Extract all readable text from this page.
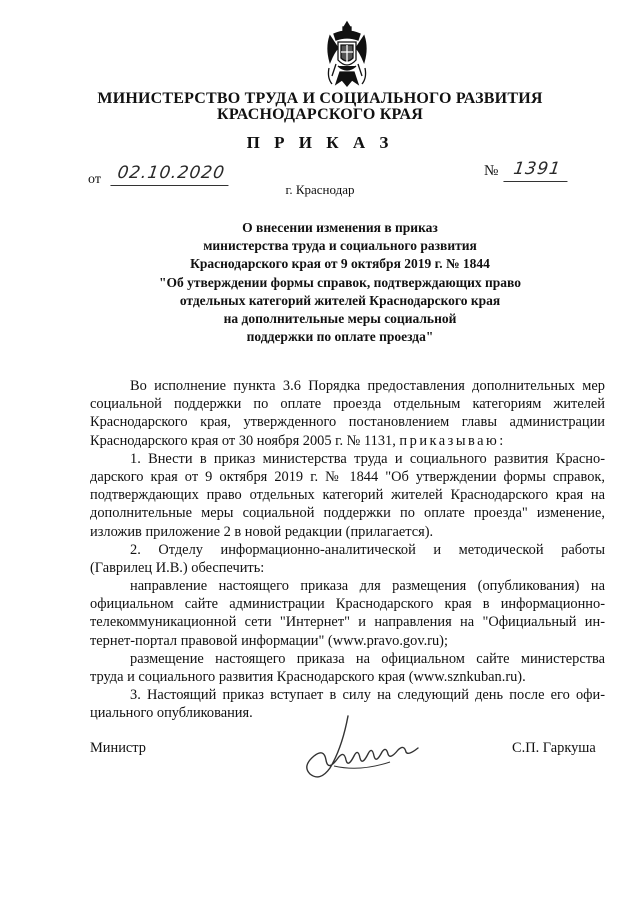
МИНИСТЕРСТВО ТРУДА И СОЦИАЛЬНОГО РАЗВИТИЯ
КРАСНОДАРСКОГО КРАЯ
П Р И К А З
от 02.10.2020	№ 1391
г. Краснодар
О внесении изменения в приказ
министерства труда и социального развития
Краснодарского края от 9 октября 2019 г. № 1844
"Об утверждении формы справок, подтверждающих право
отдельных категорий жителей Краснодарского края
на дополнительные меры социальной
поддержки по оплате проезда"
Во исполнение пункта 3.6 Порядка предоставления дополнительных мер
социальной поддержки по оплате проезда отдельным категориям жителей
Краснодарского края, утвержденного постановлением главы администрации
Краснодарского края от 30 ноября 2005 г. № 1131, приказываю:
1. Внести в приказ министерства труда и социального развития Красно-
дарского края от 9 октября 2019 г. № 1844 "Об утверждении формы справок,
подтверждающих право отдельных категорий жителей Краснодарского края на
дополнительные меры социальной поддержки по оплате проезда" изменение,
изложив приложение 2 в новой редакции (прилагается).
2. Отделу информационно-аналитической и методической работы
(Гаврилец И.В.) обеспечить:
направление настоящего приказа для размещения (опубликования) на
официальном сайте администрации Краснодарского края в информационно-
телекоммуникационной сети "Интернет" и направления на "Официальный ин-
тернет-портал правовой информации" (www.pravo.gov.ru);
размещение настоящего приказа на официальном сайте министерства
труда и социального развития Краснодарского края (www.sznkuban.ru).
3. Настоящий приказ вступает в силу на следующий день после его офи-
циального опубликования.
Министр	С.П. Гаркуша
